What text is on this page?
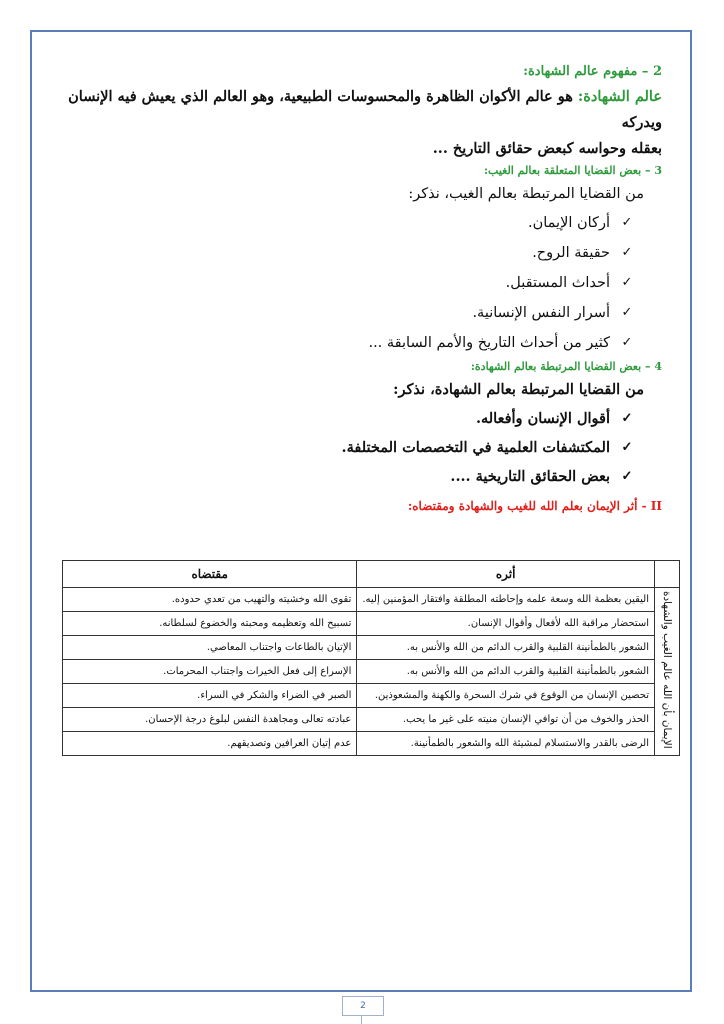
2 – مفهوم عالم الشهادة:

عالم الشهادة: هو عالم الأكوان الظاهرة والمحسوسات الطبيعية، وهو العالم الذي يعيش فيه الإنسان ويدركه
بعقله وحواسه كبعض حقائق التاريخ ...

3 – بعض القضايا المتعلقة بعالم الغيب:

من القضايا المرتبطة بعالم الغيب، نذكر:

✓
أركان الإيمان.
✓
حقيقة الروح.
✓
أحداث المستقبل.
✓
أسرار النفس الإنسانية.
✓
كثير من أحداث التاريخ والأمم السابقة ...

4 – بعض القضايا المرتبطة بعالم الشهادة:

من القضايا المرتبطة بعالم الشهادة، نذكر:

✓
أقوال الإنسان وأفعاله.
✓
المكتشفات العلمية في التخصصات المختلفة.
✓
بعض الحقائق التاريخية ....

II - أثر الإيمان بعلم الله للغيب والشهادة ومقتضاه:

	أثره	مقتضاه
الإيمان بأن الله عالم الغيب والشهادة	اليقين بعظمة الله وسعة علمه وإحاطته المطلقة وافتقار المؤمنين إليه.	تقوى الله وخشيته والتهيب من تعدي حدوده.
	استحضار مراقبة الله لأفعال وأقوال الإنسان.	تسبيح الله وتعظيمه ومحبته والخضوع لسلطانه.
	الشعور بالطمأنينة القلبية والقرب الدائم من الله والأنس به.	الإتيان بالطاعات واجتناب المعاصي.
	الشعور بالطمأنينة القلبية والقرب الدائم من الله والأنس به.	الإسراع إلى فعل الخيرات واجتناب المحرمات.
	تحصين الإنسان من الوقوع في شرك السحرة والكهنة والمشعوذين.	الصبر في الضراء والشكر في السراء.
	الحذر والخوف من أن توافي الإنسان منيته على غير ما يحب.	عبادته تعالى ومجاهدة النفس لبلوغ درجة الإحسان.
	الرضى بالقدر والاستسلام لمشيئة الله والشعور بالطمأنينة.	عدم إتيان العرافين وتصديقهم.
2
